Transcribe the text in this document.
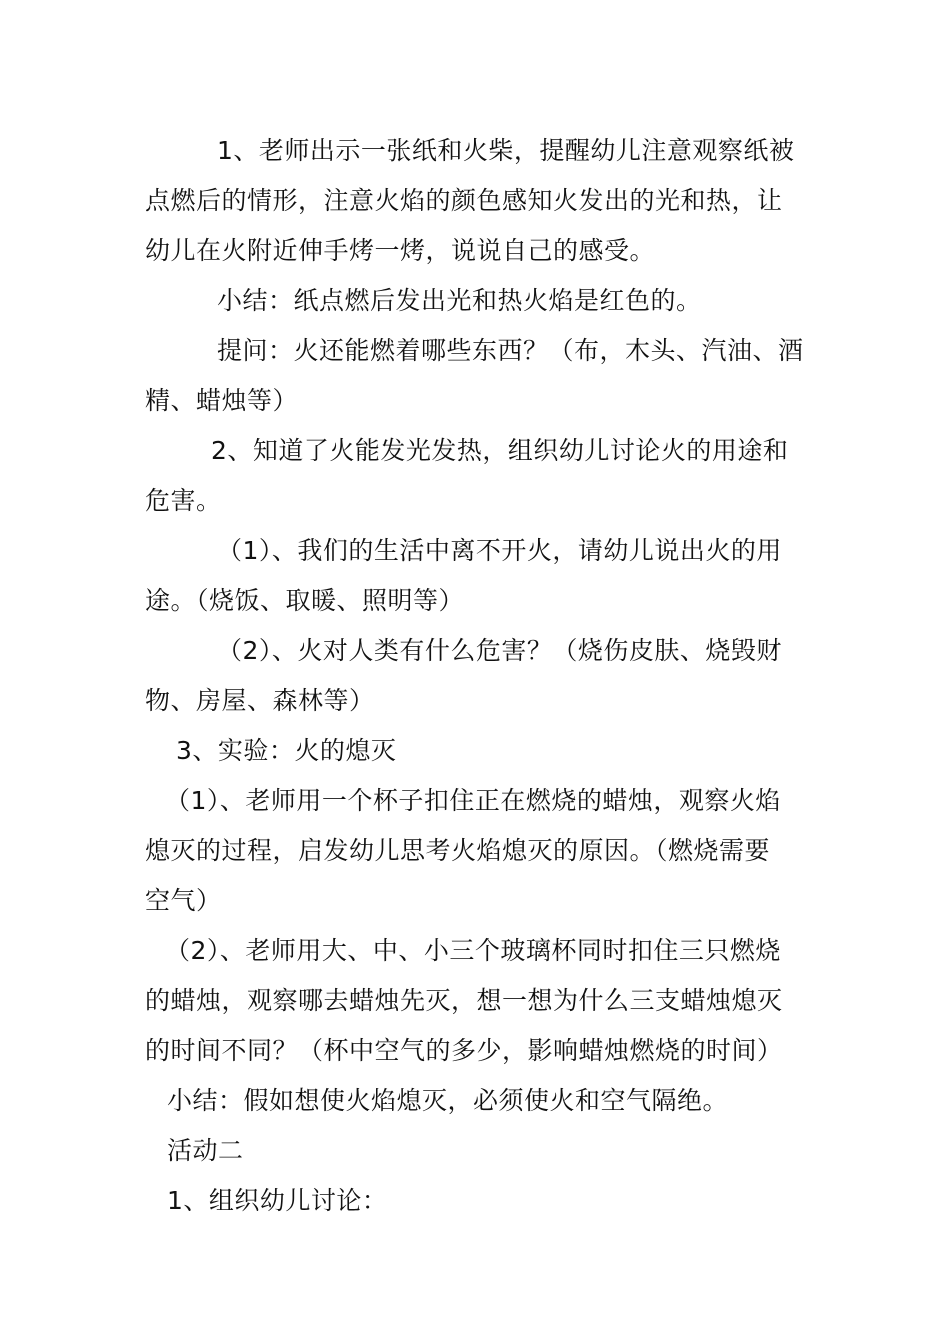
1、老师出示一张纸和火柴，提醒幼儿注意观察纸被
点燃后的情形，注意火焰的颜色感知火发出的光和热，让
幼儿在火附近伸手烤一烤，说说自己的感受。
小结：纸点燃后发出光和热火焰是红色的。
提问：火还能燃着哪些东西？（布，木头、汽油、酒
精、蜡烛等）
2、知道了火能发光发热，组织幼儿讨论火的用途和
危害。
（1）、我们的生活中离不开火，请幼儿说出火的用
途。（烧饭、取暖、照明等）
（2）、火对人类有什么危害？（烧伤皮肤、烧毁财
物、房屋、森林等）
3、实验：火的熄灭
（1）、老师用一个杯子扣住正在燃烧的蜡烛，观察火焰
熄灭的过程，启发幼儿思考火焰熄灭的原因。（燃烧需要
空气）
（2）、老师用大、中、小三个玻璃杯同时扣住三只燃烧
的蜡烛，观察哪去蜡烛先灭，想一想为什么三支蜡烛熄灭
的时间不同？（杯中空气的多少，影响蜡烛燃烧的时间）
小结：假如想使火焰熄灭，必须使火和空气隔绝。
活动二
1、组织幼儿讨论：
